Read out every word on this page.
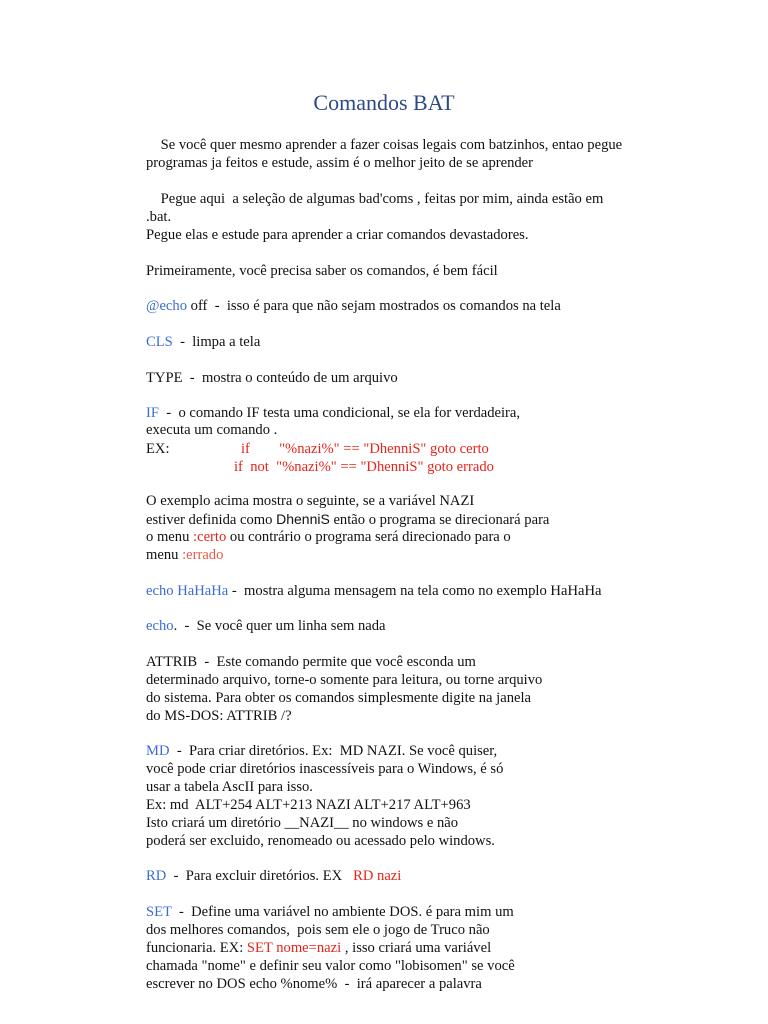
Comandos BAT
Se você quer mesmo aprender a fazer coisas legais com batzinhos, entao pegue
programas ja feitos e estude, assim é o melhor jeito de se aprender
Pegue aqui  a seleção de algumas bad'coms , feitas por mim, ainda estão em
.bat.
Pegue elas e estude para aprender a criar comandos devastadores.
Primeiramente, você precisa saber os comandos, é bem fácil
@echo off  -  isso é para que não sejam mostrados os comandos na tela
CLS  -  limpa a tela
TYPE  -  mostra o conteúdo de um arquivo
IF  -  o comando IF testa uma condicional, se ela for verdadeira,
executa um comando .
EX:	if        "%nazi%" == "DhenniS" goto certo
if  not  "%nazi%" == "DhenniS" goto errado
O exemplo acima mostra o seguinte, se a variável NAZI
estiver definida como DhenniS então o programa se direcionará para
o menu :certo ou contrário o programa será direcionado para o
menu :errado
echo HaHaHa -  mostra alguma mensagem na tela como no exemplo HaHaHa
echo.  -  Se você quer um linha sem nada
ATTRIB  -  Este comando permite que você esconda um
determinado arquivo, torne-o somente para leitura, ou torne arquivo
do sistema. Para obter os comandos simplesmente digite na janela
do MS-DOS: ATTRIB /?
MD  -  Para criar diretórios. Ex:  MD NAZI. Se você quiser,
você pode criar diretórios inascessíveis para o Windows, é só
usar a tabela AscII para isso.
Ex: md  ALT+254 ALT+213 NAZI ALT+217 ALT+963
Isto criará um diretório __NAZI__ no windows e não
poderá ser excluido, renomeado ou acessado pelo windows.
RD  -  Para excluir diretórios. EX   RD nazi
SET  -  Define uma variável no ambiente DOS. é para mim um
dos melhores comandos,  pois sem ele o jogo de Truco não
funcionaria. EX: SET nome=nazi , isso criará uma variável
chamada "nome" e definir seu valor como "lobisomen" se você
escrever no DOS echo %nome%  -  irá aparecer a palavra
